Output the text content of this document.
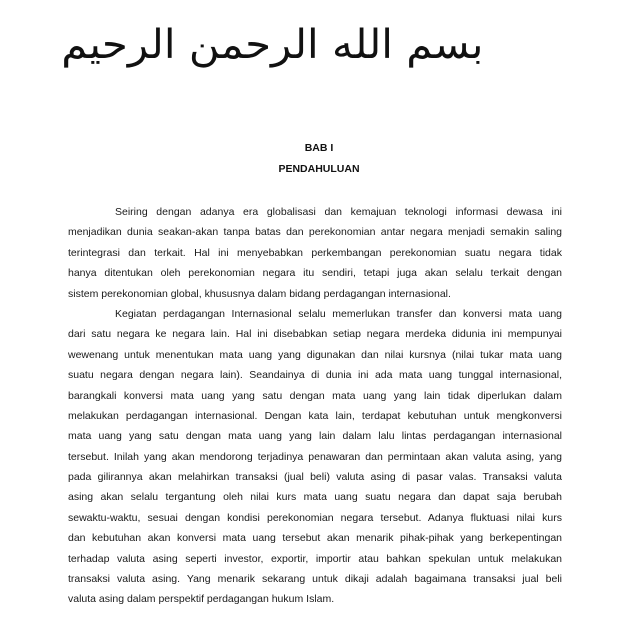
بسم الله الرحمن الرحيم
BAB I
PENDAHULUAN
Seiring dengan adanya era globalisasi dan kemajuan teknologi informasi dewasa ini
menjadikan dunia seakan-akan tanpa batas dan perekonomian antar negara menjadi semakin saling
terintegrasi dan terkait. Hal ini menyebabkan perkembangan perekonomian suatu negara tidak
hanya ditentukan oleh perekonomian negara itu sendiri, tetapi juga akan selalu terkait dengan
sistem perekonomian global, khususnya dalam bidang perdagangan internasional.
Kegiatan perdagangan Internasional selalu memerlukan transfer dan konversi mata uang
dari satu negara ke negara lain. Hal ini disebabkan setiap negara merdeka didunia ini mempunyai
wewenang untuk menentukan mata uang yang digunakan dan nilai kursnya (nilai tukar mata uang
suatu negara dengan negara lain). Seandainya di dunia ini ada mata uang tunggal internasional,
barangkali konversi mata uang yang satu dengan mata uang yang lain tidak diperlukan dalam
melakukan perdagangan internasional. Dengan kata lain, terdapat kebutuhan untuk mengkonversi
mata uang yang satu dengan mata uang yang lain dalam lalu lintas perdagangan internasional
tersebut. Inilah yang akan mendorong terjadinya penawaran dan permintaan akan valuta asing, yang
pada gilirannya akan melahirkan transaksi (jual beli) valuta asing di pasar valas. Transaksi valuta
asing akan selalu tergantung oleh nilai kurs mata uang suatu negara dan dapat saja berubah
sewaktu-waktu, sesuai dengan kondisi perekonomian negara tersebut. Adanya fluktuasi nilai kurs
dan kebutuhan akan konversi mata uang tersebut akan menarik pihak-pihak yang berkepentingan
terhadap valuta asing seperti investor, exportir, importir atau bahkan spekulan untuk melakukan
transaksi valuta asing. Yang menarik sekarang untuk dikaji adalah bagaimana transaksi jual beli
valuta asing dalam perspektif perdagangan hukum Islam.
